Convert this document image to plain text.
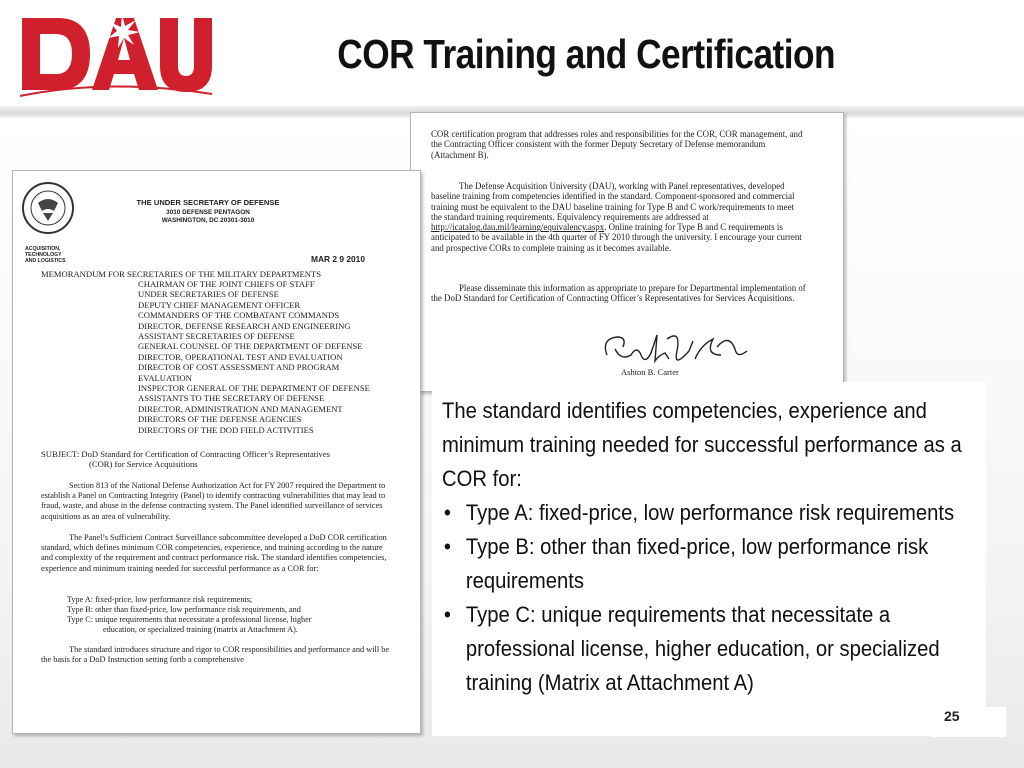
COR Training and Certification
COR certification program that addresses roles and responsibilities for the COR, COR management, and the Contracting Officer consistent with the former Deputy Secretary of Defense memorandum (Attachment B).
The Defense Acquisition University (DAU), working with Panel representatives, developed baseline training from competencies identified in the standard. Component-sponsored and commercial training must be equivalent to the DAU baseline training for Type B and C work/requirements to meet the standard training requirements. Equivalency requirements are addressed at http://icatalog.dau.mil/learning/equivalency.aspx. Online training for Type B and C requirements is anticipated to be available in the 4th quarter of FY 2010 through the university. I encourage your current and prospective CORs to complete training as it becomes available.
Please disseminate this information as appropriate to prepare for Departmental implementation of the DoD Standard for Certification of Contracting Officer’s Representatives for Services Acquisitions.
Ashton B. Carter
ACQUISITION,
TECHNOLOGY
AND LOGISTICS
THE UNDER SECRETARY OF DEFENSE
3010 DEFENSE PENTAGON
WASHINGTON, DC 20301-3010
MAR 2 9 2010
MEMORANDUM FOR SECRETARIES OF THE MILITARY DEPARTMENTS
CHAIRMAN OF THE JOINT CHIEFS OF STAFF
UNDER SECRETARIES OF DEFENSE
DEPUTY CHIEF MANAGEMENT OFFICER
COMMANDERS OF THE COMBATANT COMMANDS
DIRECTOR, DEFENSE RESEARCH AND ENGINEERING
ASSISTANT SECRETARIES OF DEFENSE
GENERAL COUNSEL OF THE DEPARTMENT OF DEFENSE
DIRECTOR, OPERATIONAL TEST AND EVALUATION
DIRECTOR OF COST ASSESSMENT AND PROGRAM
EVALUATION
INSPECTOR GENERAL OF THE DEPARTMENT OF DEFENSE
ASSISTANTS TO THE SECRETARY OF DEFENSE
DIRECTOR, ADMINISTRATION AND MANAGEMENT
DIRECTORS OF THE DEFENSE AGENCIES
DIRECTORS OF THE DOD FIELD ACTIVITIES
SUBJECT: DoD Standard for Certification of Contracting Officer’s Representatives
(COR) for Service Acquisitions
Section 813 of the National Defense Authorization Act for FY 2007 required the Department to establish a Panel on Contracting Integrity (Panel) to identify contracting vulnerabilities that may lead to fraud, waste, and abuse in the defense contracting system. The Panel identified surveillance of services acquisitions as an area of vulnerability.
The Panel’s Sufficient Contract Surveillance subcommittee developed a DoD COR certification standard, which defines minimum COR competencies, experience, and training according to the nature and complexity of the requirement and contract performance risk. The standard identifies competencies, experience and minimum training needed for successful performance as a COR for:
Type A: fixed-price, low performance risk requirements;
Type B: other than fixed-price, low performance risk requirements, and
Type C: unique requirements that necessitate a professional license, higher
education, or specialized training (matrix at Attachment A).
The standard introduces structure and rigor to COR responsibilities and performance and will be the basis for a DoD Instruction setting forth a comprehensive
The standard identifies competencies, experience and minimum training needed for successful performance as a COR for:
• Type A: fixed-price, low performance risk requirements
• Type B: other than fixed-price, low performance risk requirements
• Type C: unique requirements that necessitate a professional license, higher education, or specialized training (Matrix at Attachment A)
25
